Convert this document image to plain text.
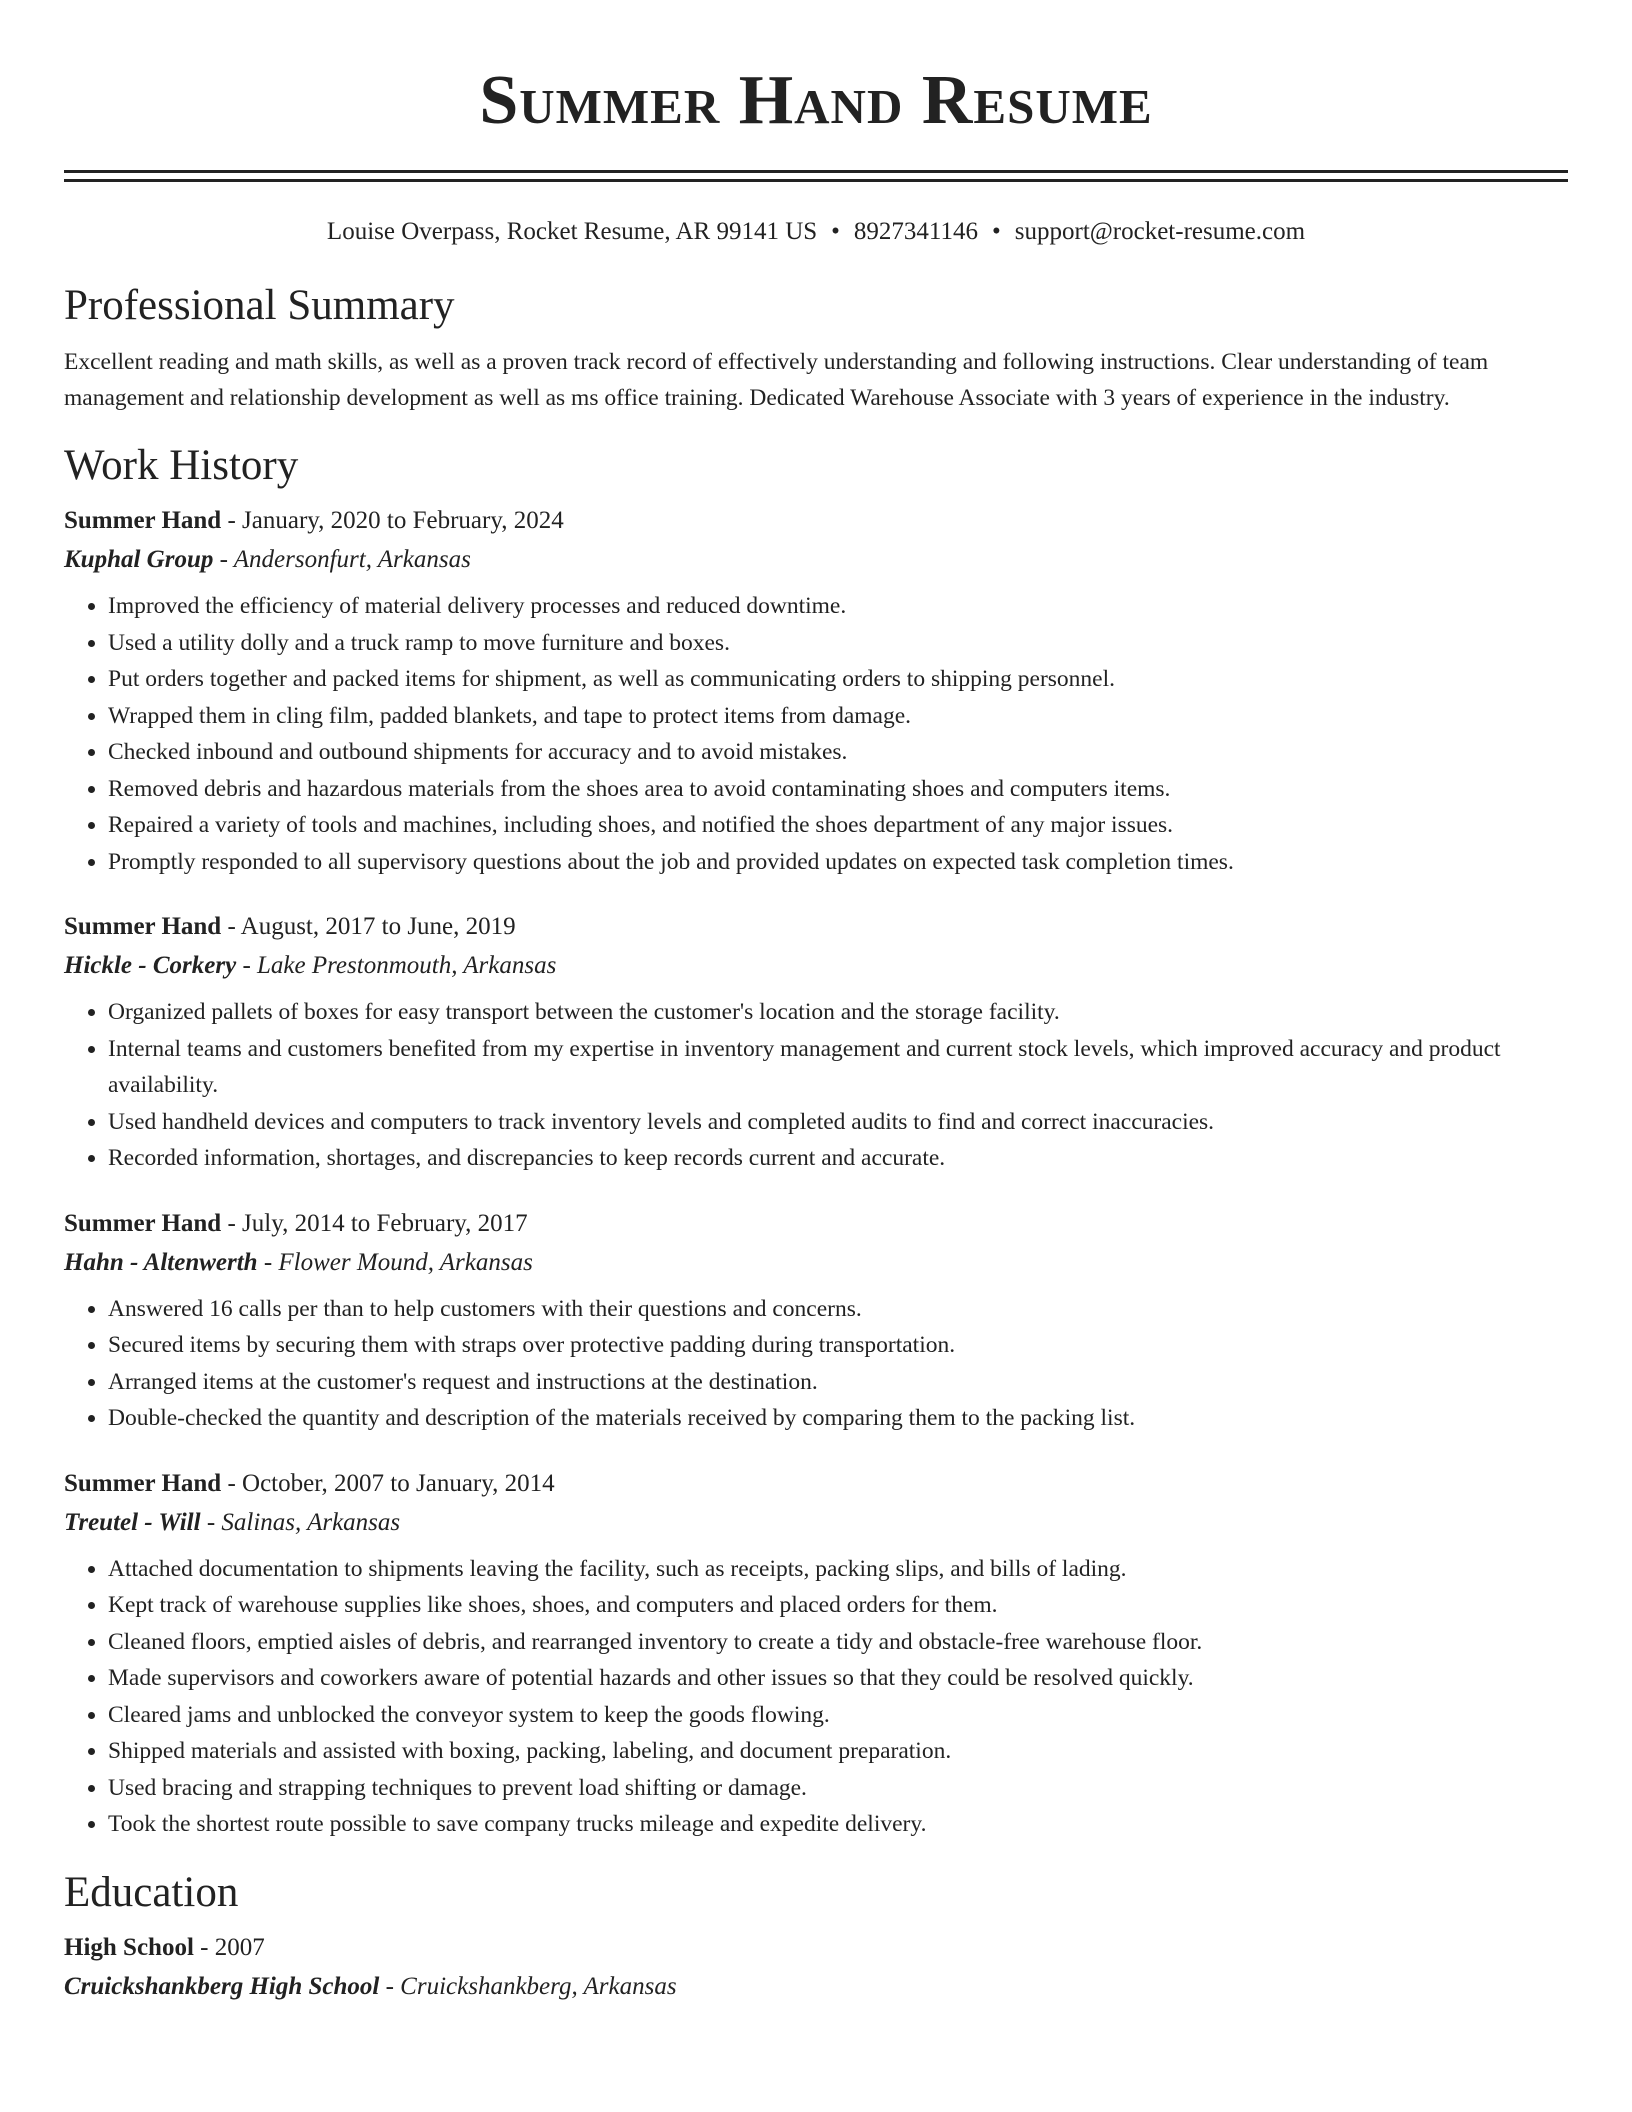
Summer Hand Resume
Louise Overpass, Rocket Resume, AR 99141 US • 8927341146 • support@rocket-resume.com
Professional Summary
Excellent reading and math skills, as well as a proven track record of effectively understanding and following instructions. Clear understanding of team management and relationship development as well as ms office training. Dedicated Warehouse Associate with 3 years of experience in the industry.
Work History
Summer Hand - January, 2020 to February, 2024
Kuphal Group - Andersonfurt, Arkansas
• Improved the efficiency of material delivery processes and reduced downtime.
• Used a utility dolly and a truck ramp to move furniture and boxes.
• Put orders together and packed items for shipment, as well as communicating orders to shipping personnel.
• Wrapped them in cling film, padded blankets, and tape to protect items from damage.
• Checked inbound and outbound shipments for accuracy and to avoid mistakes.
• Removed debris and hazardous materials from the shoes area to avoid contaminating shoes and computers items.
• Repaired a variety of tools and machines, including shoes, and notified the shoes department of any major issues.
• Promptly responded to all supervisory questions about the job and provided updates on expected task completion times.
Summer Hand - August, 2017 to June, 2019
Hickle - Corkery - Lake Prestonmouth, Arkansas
• Organized pallets of boxes for easy transport between the customer's location and the storage facility.
• Internal teams and customers benefited from my expertise in inventory management and current stock levels, which improved accuracy and product availability.
• Used handheld devices and computers to track inventory levels and completed audits to find and correct inaccuracies.
• Recorded information, shortages, and discrepancies to keep records current and accurate.
Summer Hand - July, 2014 to February, 2017
Hahn - Altenwerth - Flower Mound, Arkansas
• Answered 16 calls per than to help customers with their questions and concerns.
• Secured items by securing them with straps over protective padding during transportation.
• Arranged items at the customer's request and instructions at the destination.
• Double-checked the quantity and description of the materials received by comparing them to the packing list.
Summer Hand - October, 2007 to January, 2014
Treutel - Will - Salinas, Arkansas
• Attached documentation to shipments leaving the facility, such as receipts, packing slips, and bills of lading.
• Kept track of warehouse supplies like shoes, shoes, and computers and placed orders for them.
• Cleaned floors, emptied aisles of debris, and rearranged inventory to create a tidy and obstacle-free warehouse floor.
• Made supervisors and coworkers aware of potential hazards and other issues so that they could be resolved quickly.
• Cleared jams and unblocked the conveyor system to keep the goods flowing.
• Shipped materials and assisted with boxing, packing, labeling, and document preparation.
• Used bracing and strapping techniques to prevent load shifting or damage.
• Took the shortest route possible to save company trucks mileage and expedite delivery.
Education
High School - 2007
Cruickshankberg High School - Cruickshankberg, Arkansas
